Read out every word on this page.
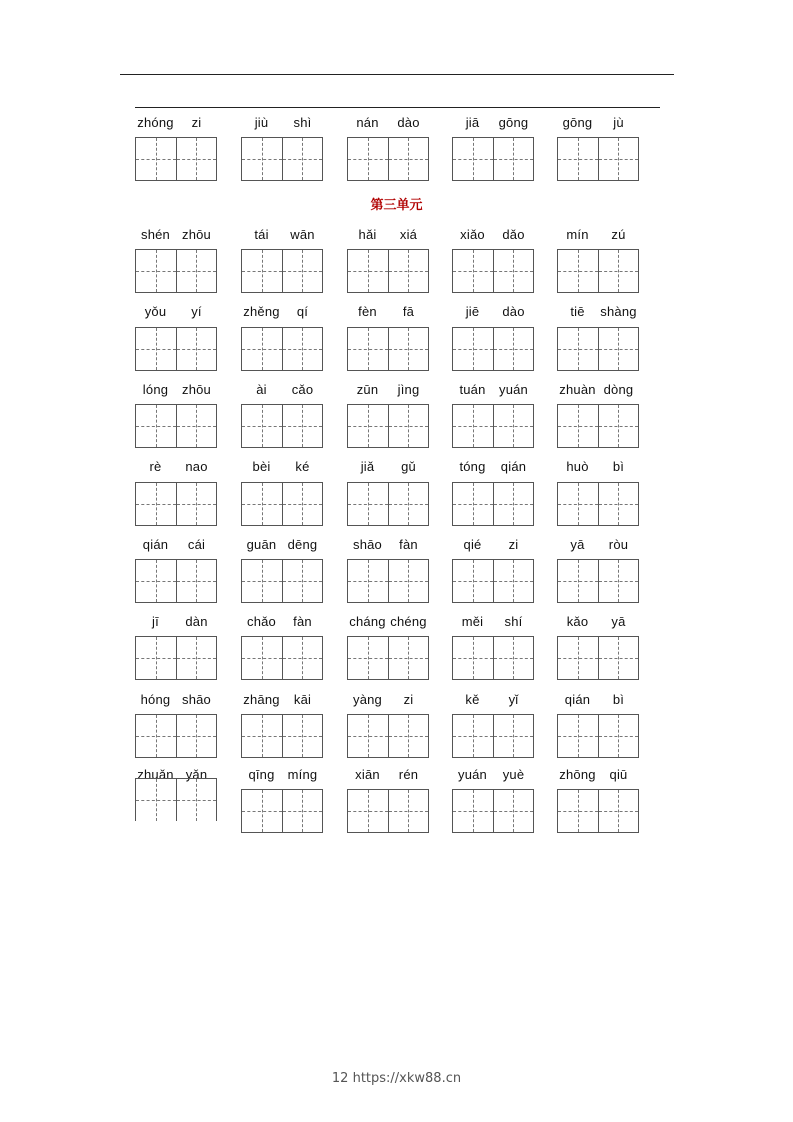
第三单元
zhóng	zi	jiù	shì	nán	dào	jiā	gōng	gōng	jù
shén zhōu	tái	wān	hǎi	xiá	xiǎo	dǎo	mín	zú
yǒu	yí	zhěng	qí	fèn	fā	jiē	dào	tiē	shàng
lóng	zhōu	ài	cǎo	zūn	jìng	tuán	yuán	zhuàn dòng
rè	nao	bèi	ké	jiǎ	gǔ	tóng	qián	huò	bì
qián	cái	guān dēng	shāo	fàn	qié	zi	yā	ròu
jī	dàn	chǎo	fàn	cháng chéng	měi	shí	kǎo	yā
hóng shāo	zhāng	kāi	yàng	zi	kě	yǐ	qián	bì
zhuǎn yǎn	qīng	míng	xiān	rén	yuán	yuè	zhōng	qiū
12 https://xkw88.cn
